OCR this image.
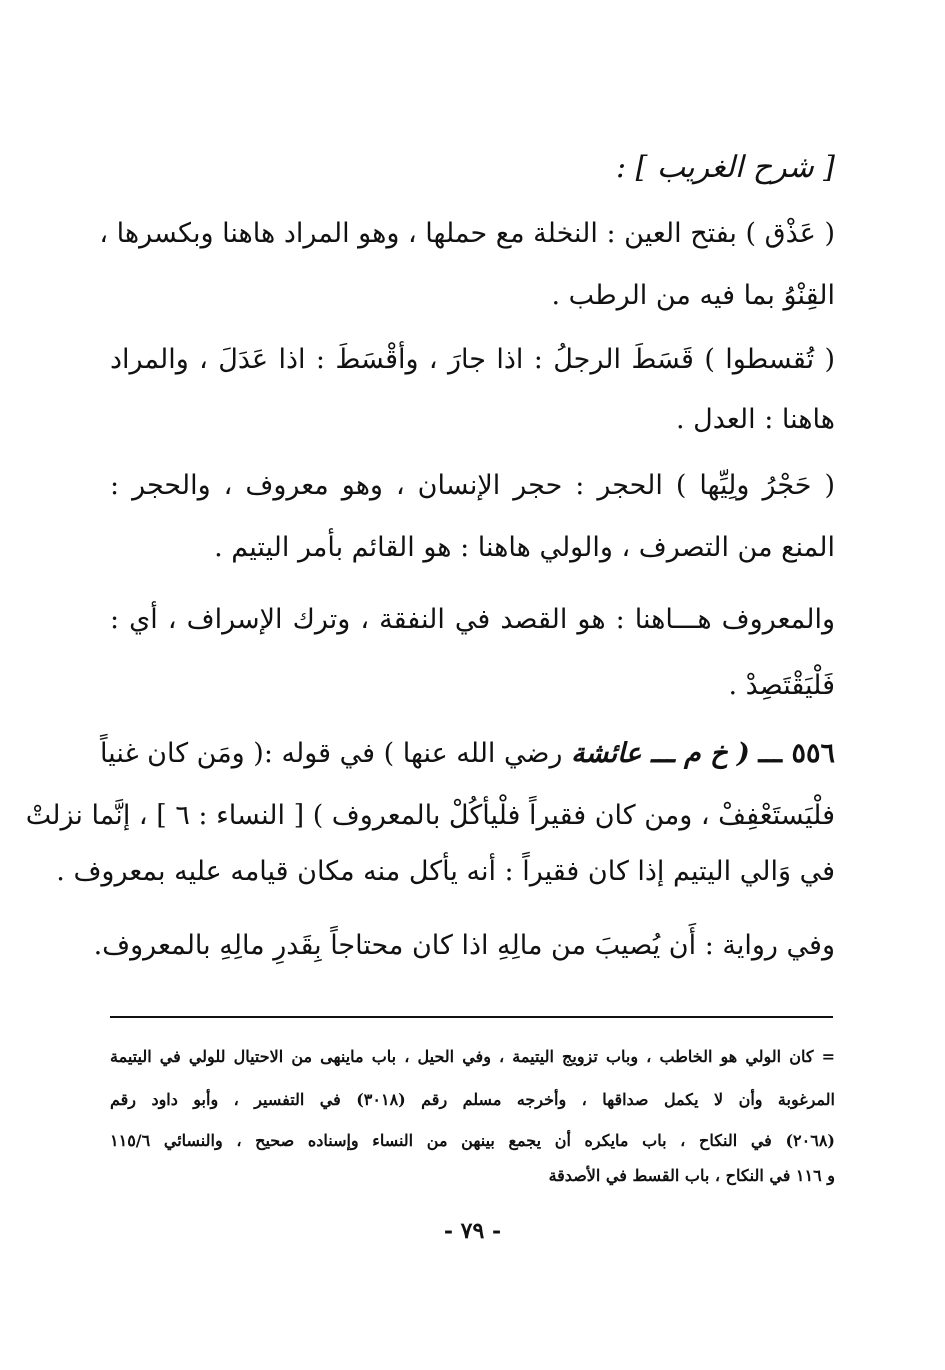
[ شرح الغريب ] :
( عَذْق ) بفتح العين : النخلة مع حملها ، وهو المراد هاهنا وبكسرها ،
القِنْوُ بما فيه من الرطب .
( تُقسطوا ) قَسَطَ الرجلُ : اذا جارَ ، وأقْسَطَ : اذا عَدَلَ ، والمراد
هاهنا : العدل .
( حَجْرُ ولِيِّها ) الحجر : حجر الإنسان ، وهو معروف ، والحجر :
المنع من التصرف ، والولي هاهنا : هو القائم بأمر اليتيم .
والمعروف هـــاهنا : هو القصد في النفقة ، وترك الإسراف ، أي :
فَلْيَقْتَصِدْ .
٥٥٦ ـــ ( خ م ـــ عائشة رضي الله عنها ) في قوله :( ومَن كان غنياً
فلْيَستَعْفِفْ ، ومن كان فقيراً فلْيأكُلْ بالمعروف ) [ النساء : ٦ ] ، إنَّما نزلتْ
في وَالي اليتيم إذا كان فقيراً : أنه يأكل منه مكان قيامه عليه بمعروف .
وفي رواية : أَن يُصيبَ من مالِهِ اذا كان محتاجاً بِقَدرِ مالِهِ بالمعروف.
= كان الولي هو الخاطب ، وباب تزويج اليتيمة ، وفي الحيل ، باب ماينهى من الاحتيال للولي في اليتيمة
المرغوبة وأن لا يكمل صداقها ، وأخرجه مسلم رقم (٣٠١٨) في التفسير ، وأبو داود رقم
(٢٠٦٨) في النكاح ، باب مايكره أن يجمع بينهن من النساء وإسناده صحيح ، والنسائي ١١٥/٦
و ١١٦ في النكاح ، باب القسط في الأصدقة
- ٧٩ -
